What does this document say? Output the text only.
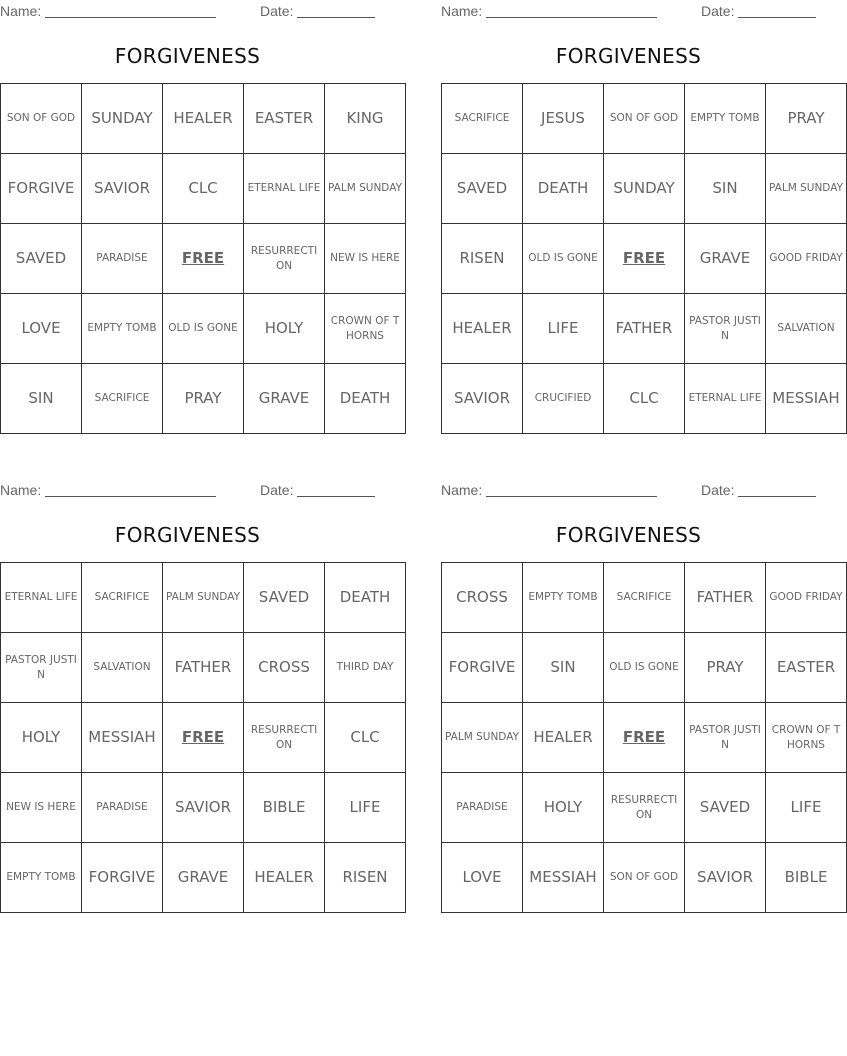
Name:	Date:
FORGIVENESS
SON OF GOD	SUNDAY	HEALER	EASTER	KING
FORGIVE	SAVIOR	CLC	ETERNAL LIFE	PALM SUNDAY
SAVED	PARADISE	FREE	RESURRECTION	NEW IS HERE
LOVE	EMPTY TOMB	OLD IS GONE	HOLY	CROWN OF THORNS
SIN	SACRIFICE	PRAY	GRAVE	DEATH
Name:	Date:
FORGIVENESS
SACRIFICE	JESUS	SON OF GOD	EMPTY TOMB	PRAY
SAVED	DEATH	SUNDAY	SIN	PALM SUNDAY
RISEN	OLD IS GONE	FREE	GRAVE	GOOD FRIDAY
HEALER	LIFE	FATHER	PASTOR JUSTIN	SALVATION
SAVIOR	CRUCIFIED	CLC	ETERNAL LIFE	MESSIAH
Name:	Date:
FORGIVENESS
ETERNAL LIFE	SACRIFICE	PALM SUNDAY	SAVED	DEATH
PASTOR JUSTIN	SALVATION	FATHER	CROSS	THIRD DAY
HOLY	MESSIAH	FREE	RESURRECTION	CLC
NEW IS HERE	PARADISE	SAVIOR	BIBLE	LIFE
EMPTY TOMB	FORGIVE	GRAVE	HEALER	RISEN
Name:	Date:
FORGIVENESS
CROSS	EMPTY TOMB	SACRIFICE	FATHER	GOOD FRIDAY
FORGIVE	SIN	OLD IS GONE	PRAY	EASTER
PALM SUNDAY	HEALER	FREE	PASTOR JUSTIN	CROWN OF THORNS
PARADISE	HOLY	RESURRECTION	SAVED	LIFE
LOVE	MESSIAH	SON OF GOD	SAVIOR	BIBLE
